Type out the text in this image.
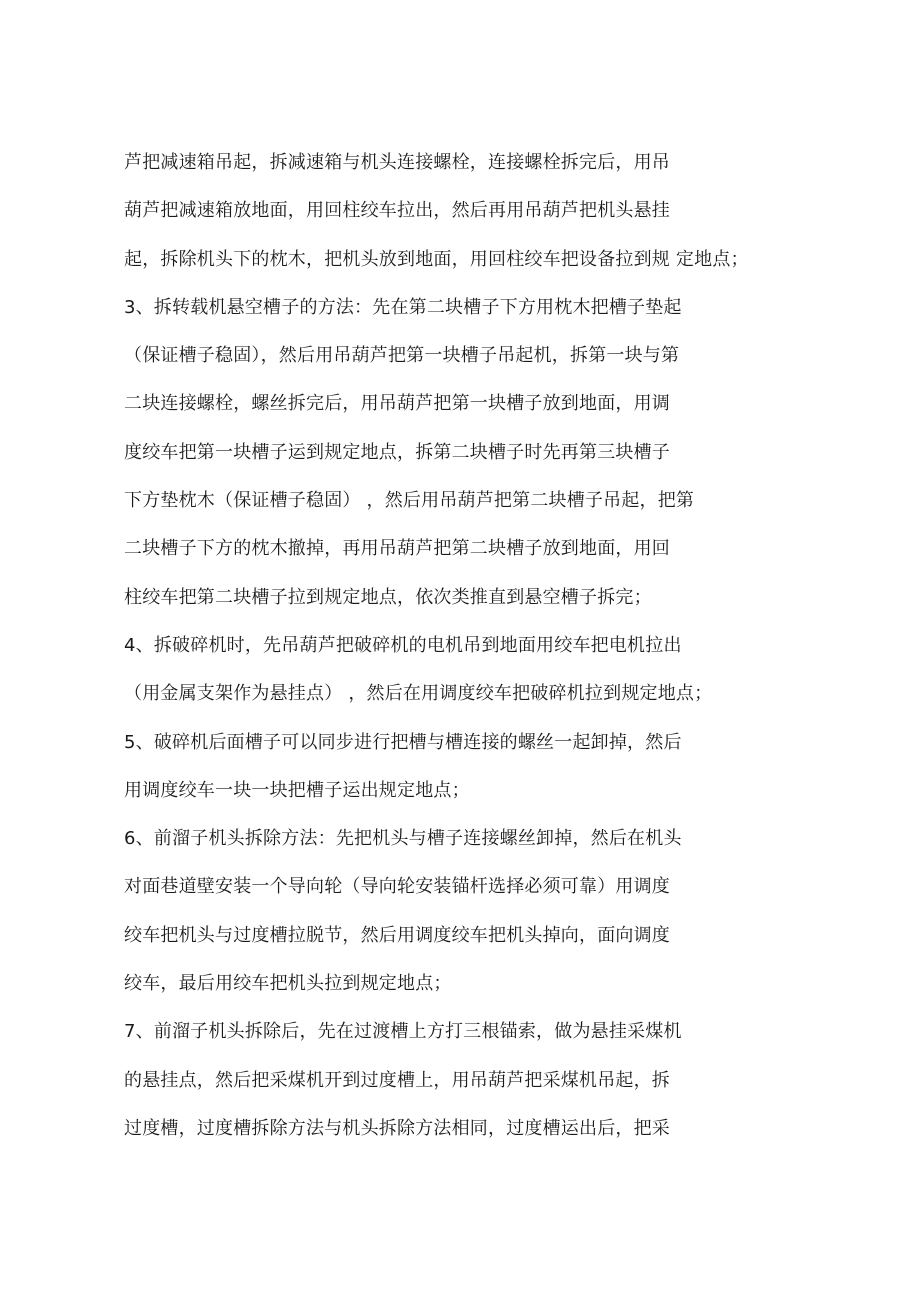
芦把减速箱吊起，拆减速箱与机头连接螺栓，连接螺栓拆完后，用吊
葫芦把减速箱放地面，用回柱绞车拉出，然后再用吊葫芦把机头悬挂
起，拆除机头下的枕木，把机头放到地面，用回柱绞车把设备拉到规 定地点；
3、拆转载机悬空槽子的方法：先在第二块槽子下方用枕木把槽子垫起
（保证槽子稳固），然后用吊葫芦把第一块槽子吊起机，拆第一块与第
二块连接螺栓，螺丝拆完后，用吊葫芦把第一块槽子放到地面，用调
度绞车把第一块槽子运到规定地点，拆第二块槽子时先再第三块槽子
下方垫枕木（保证槽子稳固） ，然后用吊葫芦把第二块槽子吊起，把第
二块槽子下方的枕木撤掉，再用吊葫芦把第二块槽子放到地面，用回
柱绞车把第二块槽子拉到规定地点，依次类推直到悬空槽子拆完；
4、拆破碎机时，先吊葫芦把破碎机的电机吊到地面用绞车把电机拉出
（用金属支架作为悬挂点） ，然后在用调度绞车把破碎机拉到规定地点；
5、破碎机后面槽子可以同步进行把槽与槽连接的螺丝一起卸掉，然后
用调度绞车一块一块把槽子运出规定地点；
6、前溜子机头拆除方法：先把机头与槽子连接螺丝卸掉，然后在机头
对面巷道壁安装一个导向轮（导向轮安装锚杆选择必须可靠）用调度
绞车把机头与过度槽拉脱节，然后用调度绞车把机头掉向，面向调度
绞车，最后用绞车把机头拉到规定地点；
7、前溜子机头拆除后，先在过渡槽上方打三根锚索，做为悬挂采煤机
的悬挂点，然后把采煤机开到过度槽上，用吊葫芦把采煤机吊起，拆
过度槽，过度槽拆除方法与机头拆除方法相同，过度槽运出后，把采
